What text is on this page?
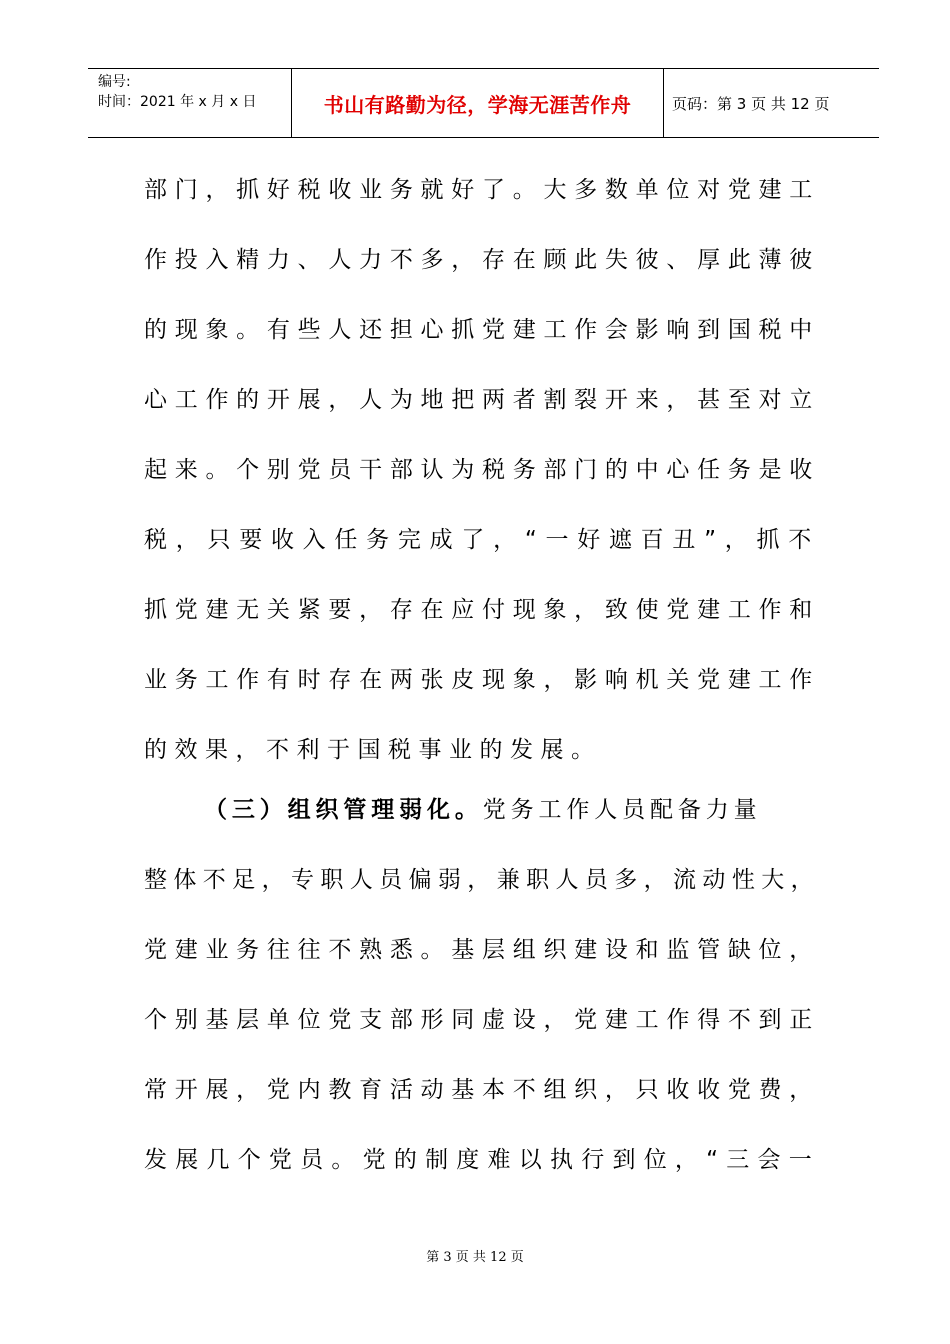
编号:
时间：2021 年 x 月 x 日	书山有路勤为径，学海无涯苦作舟	页码：第 3 页 共 12 页
部门，抓好税收业务就好了。大多数单位对党建工
作投入精力、人力不多，存在顾此失彼、厚此薄彼
的现象。有些人还担心抓党建工作会影响到国税中
心工作的开展，人为地把两者割裂开来，甚至对立
起来。个别党员干部认为税务部门的中心任务是收
税，只要收入任务完成了，“一好遮百丑”，抓不
抓党建无关紧要，存在应付现象，致使党建工作和
业务工作有时存在两张皮现象，影响机关党建工作
的效果，不利于国税事业的发展。
（三）组织管理弱化。党务工作人员配备力量
整体不足，专职人员偏弱，兼职人员多，流动性大，
党建业务往往不熟悉。基层组织建设和监管缺位，
个别基层单位党支部形同虚设，党建工作得不到正
常开展，党内教育活动基本不组织，只收收党费，
发展几个党员。党的制度难以执行到位，“三会一
第 3 页 共 12 页
